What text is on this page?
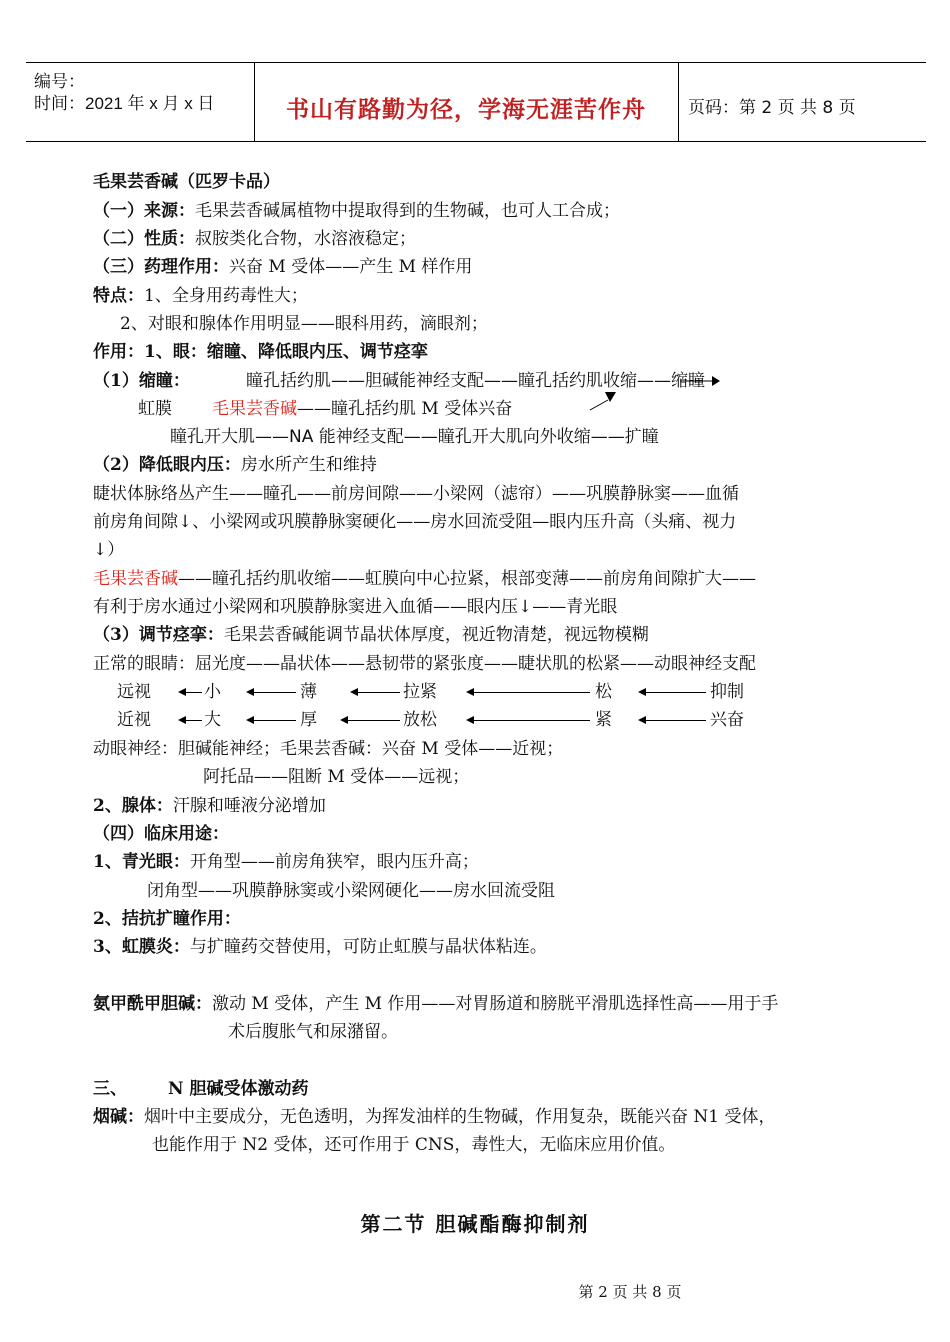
编号：
时间：2021 年 x 月 x 日	书山有路勤为径，学海无涯苦作舟	页码：第 2 页 共 8 页
毛果芸香碱（匹罗卡品）
（一）来源：毛果芸香碱属植物中提取得到的生物碱，也可人工合成；
（二）性质：叔胺类化合物，水溶液稳定；
（三）药理作用：兴奋 M 受体——产生 M 样作用
特点：1、全身用药毒性大；
2、对眼和腺体作用明显——眼科用药，滴眼剂；
作用：1、眼：缩瞳、降低眼内压、调节痉挛
（1）缩瞳：	瞳孔括约肌——胆碱能神经支配——瞳孔括约肌收缩——缩瞳
虹膜 毛果芸香碱——瞳孔括约肌 M 受体兴奋
瞳孔开大肌——NA 能神经支配——瞳孔开大肌向外收缩——扩瞳
（2）降低眼内压：房水所产生和维持
睫状体脉络丛产生——瞳孔——前房间隙——小梁网（滤帘）——巩膜静脉窦——血循
前房角间隙↓、小梁网或巩膜静脉窦硬化——房水回流受阻—眼内压升高（头痛、视力
↓）
毛果芸香碱——瞳孔括约肌收缩——虹膜向中心拉紧，根部变薄——前房角间隙扩大——
有利于房水通过小梁网和巩膜静脉窦进入血循——眼内压↓——青光眼
（3）调节痉挛：毛果芸香碱能调节晶状体厚度，视近物清楚，视远物模糊
正常的眼睛：屈光度——晶状体——悬韧带的紧张度——睫状肌的松紧——动眼神经支配
远视	小	薄	拉紧	松	抑制
近视	大	厚	放松	紧	兴奋
动眼神经：胆碱能神经；毛果芸香碱：兴奋 M 受体——近视；
阿托品——阻断 M 受体——远视；
2、腺体：汗腺和唾液分泌增加
（四）临床用途：
1、青光眼：开角型——前房角狭窄，眼内压升高；
闭角型——巩膜静脉窦或小梁网硬化——房水回流受阻
2、拮抗扩瞳作用：
3、虹膜炎：与扩瞳药交替使用，可防止虹膜与晶状体粘连。
氨甲酰甲胆碱：激动 M 受体，产生 M 作用——对胃肠道和膀胱平滑肌选择性高——用于手
术后腹胀气和尿潴留。
三、 N 胆碱受体激动药
烟碱：烟叶中主要成分，无色透明，为挥发油样的生物碱，作用复杂，既能兴奋 N1 受体，
也能作用于 N2 受体，还可作用于 CNS，毒性大，无临床应用价值。
第二节 胆碱酯酶抑制剂
第 2 页 共 8 页
